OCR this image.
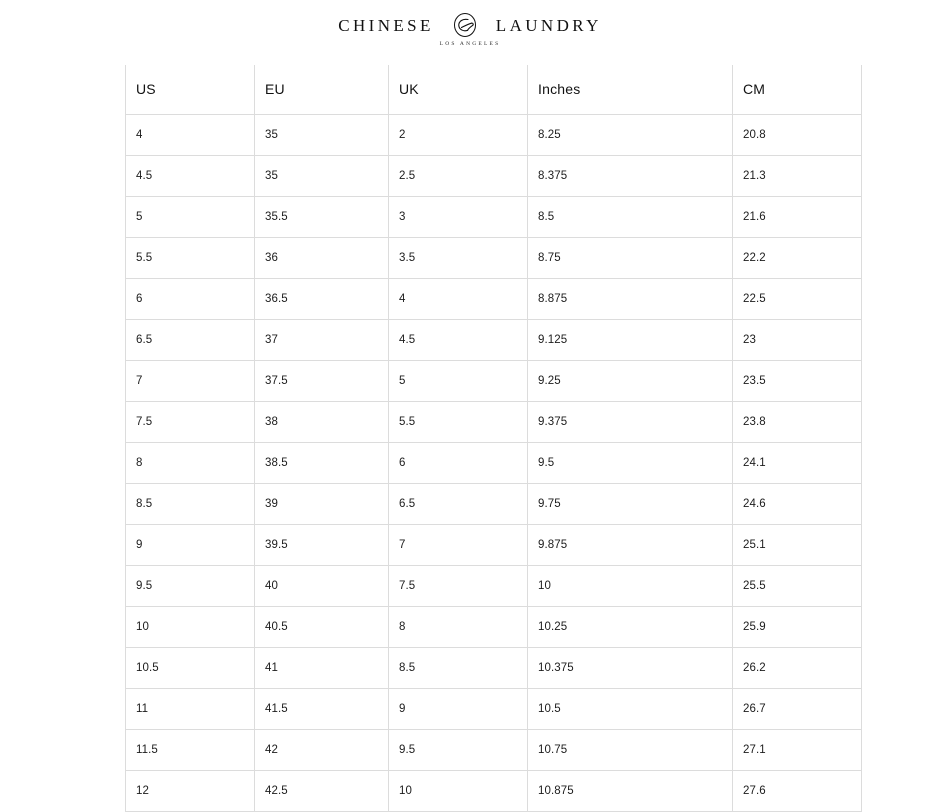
CHINESE	LAUNDRY
LOS ANGELES
US	EU	UK	Inches	CM
4	35	2	8.25	20.8
4.5	35	2.5	8.375	21.3
5	35.5	3	8.5	21.6
5.5	36	3.5	8.75	22.2
6	36.5	4	8.875	22.5
6.5	37	4.5	9.125	23
7	37.5	5	9.25	23.5
7.5	38	5.5	9.375	23.8
8	38.5	6	9.5	24.1
8.5	39	6.5	9.75	24.6
9	39.5	7	9.875	25.1
9.5	40	7.5	10	25.5
10	40.5	8	10.25	25.9
10.5	41	8.5	10.375	26.2
11	41.5	9	10.5	26.7
11.5	42	9.5	10.75	27.1
12	42.5	10	10.875	27.6
